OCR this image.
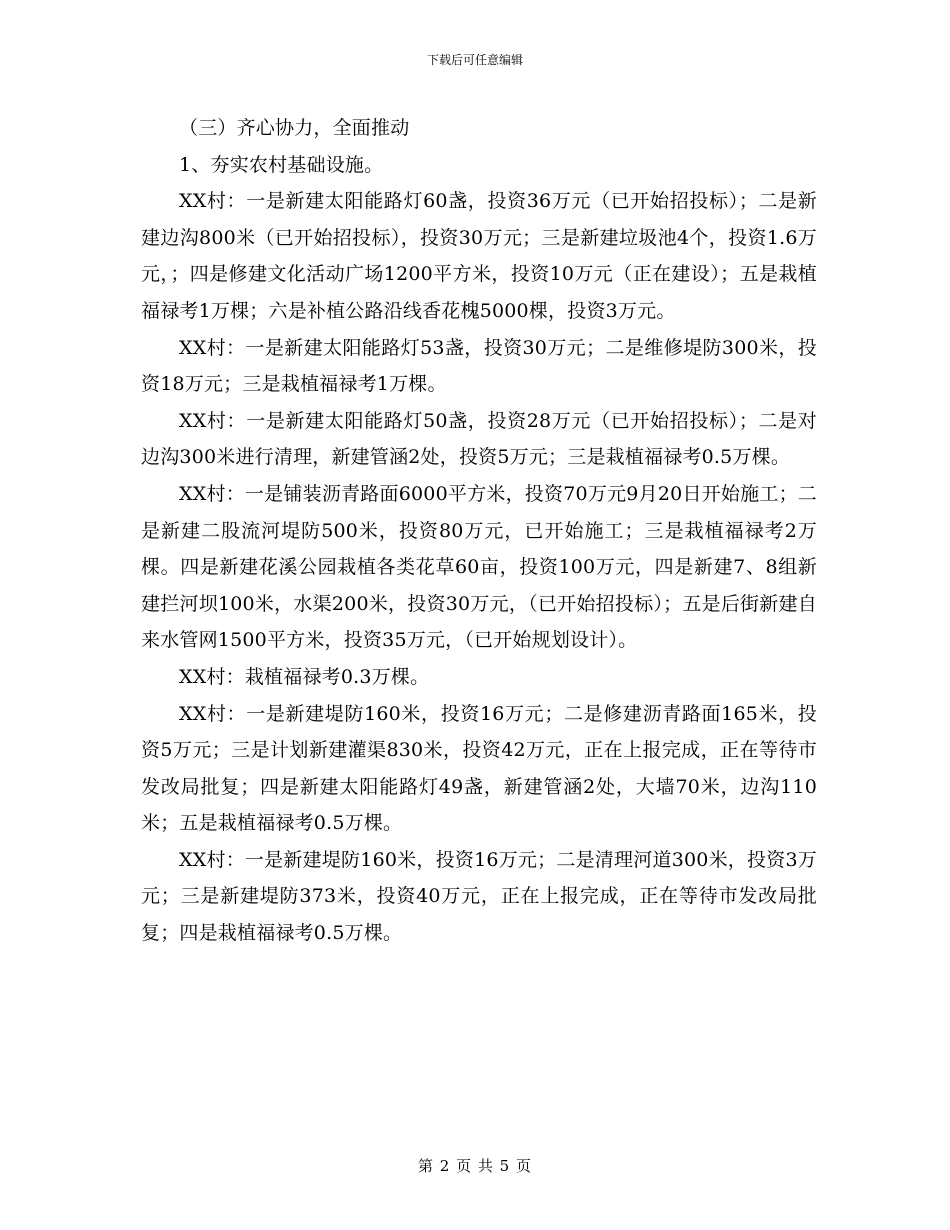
下载后可任意编辑

（三）齐心协力，全面推动

1、夯实农村基础设施。

XX村：一是新建太阳能路灯60盏，投资36万元（已开始招投标）；二是新建边沟800米（已开始招投标），投资30万元；三是新建垃圾池4个，投资1.6万元，；四是修建文化活动广场1200平方米，投资10万元（正在建设）；五是栽植福禄考1万棵；六是补植公路沿线香花槐5000棵，投资3万元。

XX村：一是新建太阳能路灯53盏，投资30万元；二是维修堤防300米，投资18万元；三是栽植福禄考1万棵。

XX村：一是新建太阳能路灯50盏，投资28万元（已开始招投标）；二是对边沟300米进行清理，新建管涵2处，投资5万元；三是栽植福禄考0.5万棵。

XX村：一是铺装沥青路面6000平方米，投资70万元9月20日开始施工；二是新建二股流河堤防500米，投资80万元，已开始施工；三是栽植福禄考2万棵。四是新建花溪公园栽植各类花草60亩，投资100万元，四是新建7、8组新建拦河坝100米，水渠200米，投资30万元，（已开始招投标）；五是后街新建自来水管网1500平方米，投资35万元，（已开始规划设计）。

XX村：栽植福禄考0.3万棵。

XX村：一是新建堤防160米，投资16万元；二是修建沥青路面165米，投资5万元；三是计划新建灌渠830米，投资42万元，正在上报完成，正在等待市发改局批复；四是新建太阳能路灯49盏，新建管涵2处，大墙70米，边沟110米；五是栽植福禄考0.5万棵。

XX村：一是新建堤防160米，投资16万元；二是清理河道300米，投资3万元；三是新建堤防373米，投资40万元，正在上报完成，正在等待市发改局批复；四是栽植福禄考0.5万棵。

第 2 页 共 5 页
